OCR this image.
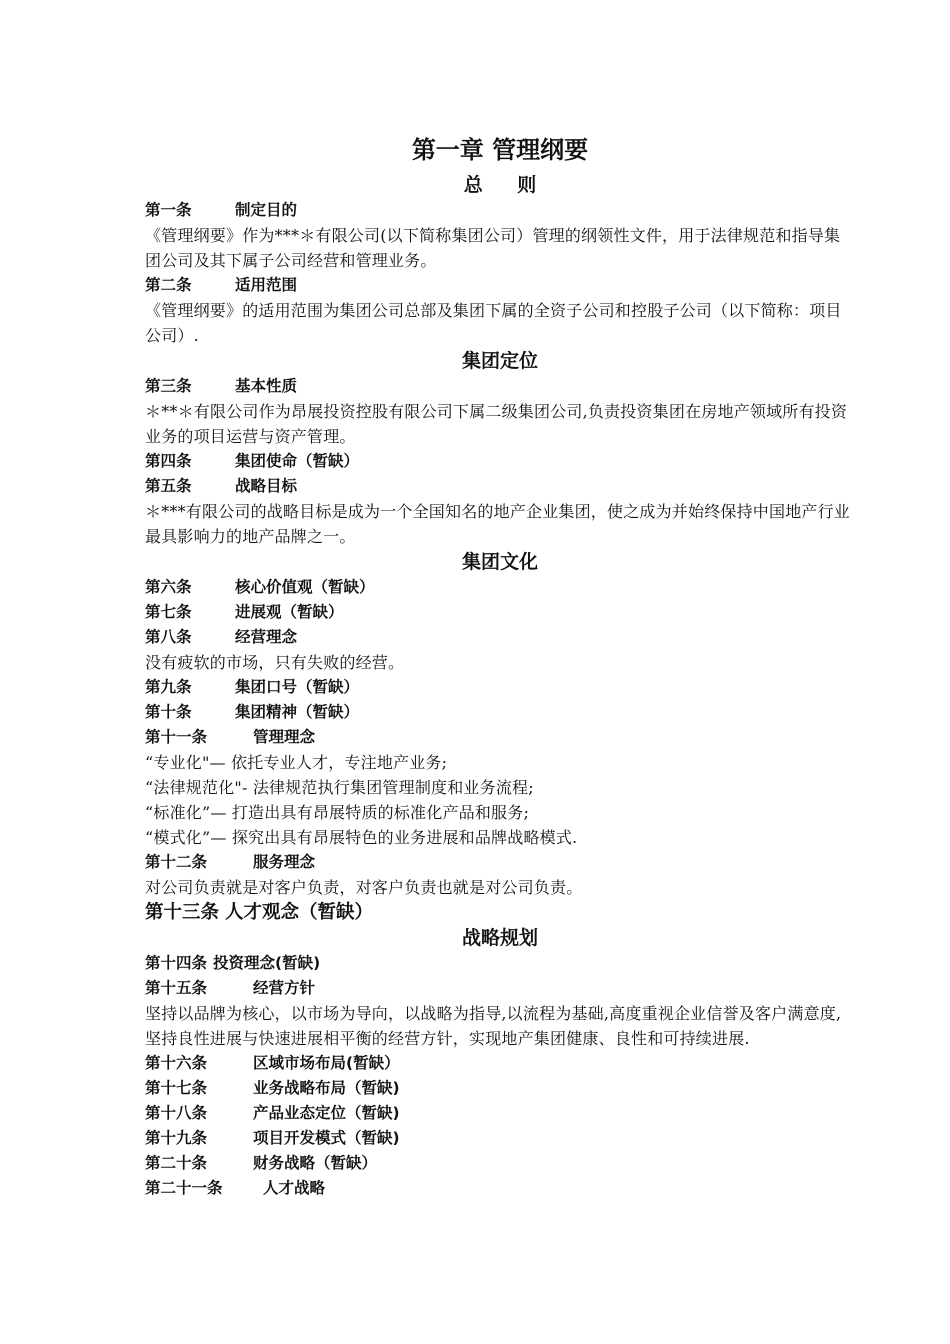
第一章 管理纲要
总 则

第一条	制定目的

《管理纲要》作为***＊有限公司(以下简称集团公司）管理的纲领性文件，用于法律规范和指导集团公司及其下属子公司经营和管理业务。

第二条	适用范围

《管理纲要》的适用范围为集团公司总部及集团下属的全资子公司和控股子公司（以下简称：项目公司）.

集团定位

第三条	基本性质

＊**＊有限公司作为昂展投资控股有限公司下属二级集团公司,负责投资集团在房地产领域所有投资业务的项目运营与资产管理。

第四条	集团使命（暂缺）

第五条	战略目标

＊***有限公司的战略目标是成为一个全国知名的地产企业集团，使之成为并始终保持中国地产行业最具影响力的地产品牌之一。

集团文化

第六条	核心价值观（暂缺）

第七条	进展观（暂缺）

第八条	经营理念

没有疲软的市场，只有失败的经营。

第九条	集团口号（暂缺）

第十条	集团精神（暂缺）

第十一条	管理理念

“专业化"— 依托专业人才，专注地产业务;

“法律规范化"- 法律规范执行集团管理制度和业务流程;

“标准化”— 打造出具有昂展特质的标准化产品和服务;

“模式化”— 探究出具有昂展特色的业务进展和品牌战略模式.

第十二条	服务理念

对公司负责就是对客户负责，对客户负责也就是对公司负责。

第十三条 人才观念（暂缺）

战略规划

第十四条 投资理念(暂缺)

第十五条	经营方针

坚持以品牌为核心，以市场为导向，以战略为指导,以流程为基础,高度重视企业信誉及客户满意度,坚持良性进展与快速进展相平衡的经营方针，实现地产集团健康、良性和可持续进展.

第十六条	区域市场布局(暂缺）

第十七条	业务战略布局（暂缺)

第十八条	产品业态定位（暂缺)

第十九条	项目开发模式（暂缺)

第二十条	财务战略（暂缺）

第二十一条	人才战略
